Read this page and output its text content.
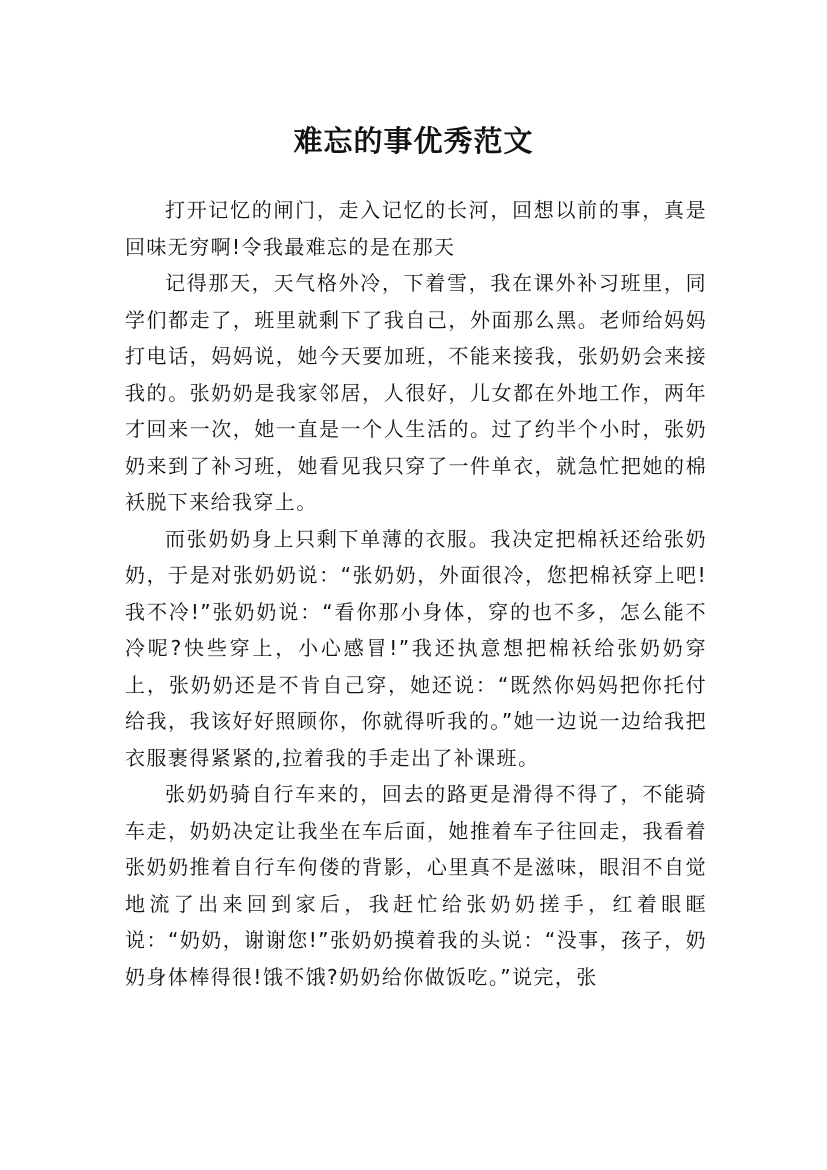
难忘的事优秀范文

打开记忆的闸门，走入记忆的长河，回想以前的事，真是回味无穷啊!令我最难忘的是在那天

记得那天，天气格外冷，下着雪，我在课外补习班里，同学们都走了，班里就剩下了我自己，外面那么黑。老师给妈妈打电话，妈妈说，她今天要加班，不能来接我，张奶奶会来接我的。张奶奶是我家邻居，人很好，儿女都在外地工作，两年才回来一次，她一直是一个人生活的。过了约半个小时，张奶奶来到了补习班，她看见我只穿了一件单衣，就急忙把她的棉袄脱下来给我穿上。

而张奶奶身上只剩下单薄的衣服。我决定把棉袄还给张奶奶，于是对张奶奶说：“张奶奶，外面很冷，您把棉袄穿上吧!我不冷!”张奶奶说：“看你那小身体，穿的也不多，怎么能不冷呢?快些穿上，小心感冒!”我还执意想把棉袄给张奶奶穿上，张奶奶还是不肯自己穿，她还说：“既然你妈妈把你托付给我，我该好好照顾你，你就得听我的。”她一边说一边给我把衣服裹得紧紧的,拉着我的手走出了补课班。

张奶奶骑自行车来的，回去的路更是滑得不得了，不能骑车走，奶奶决定让我坐在车后面，她推着车子往回走，我看着张奶奶推着自行车佝偻的背影，心里真不是滋味，眼泪不自觉地流了出来回到家后，我赶忙给张奶奶搓手，红着眼眶说：“奶奶，谢谢您!”张奶奶摸着我的头说：“没事，孩子，奶奶身体棒得很!饿不饿?奶奶给你做饭吃。”说完，张
